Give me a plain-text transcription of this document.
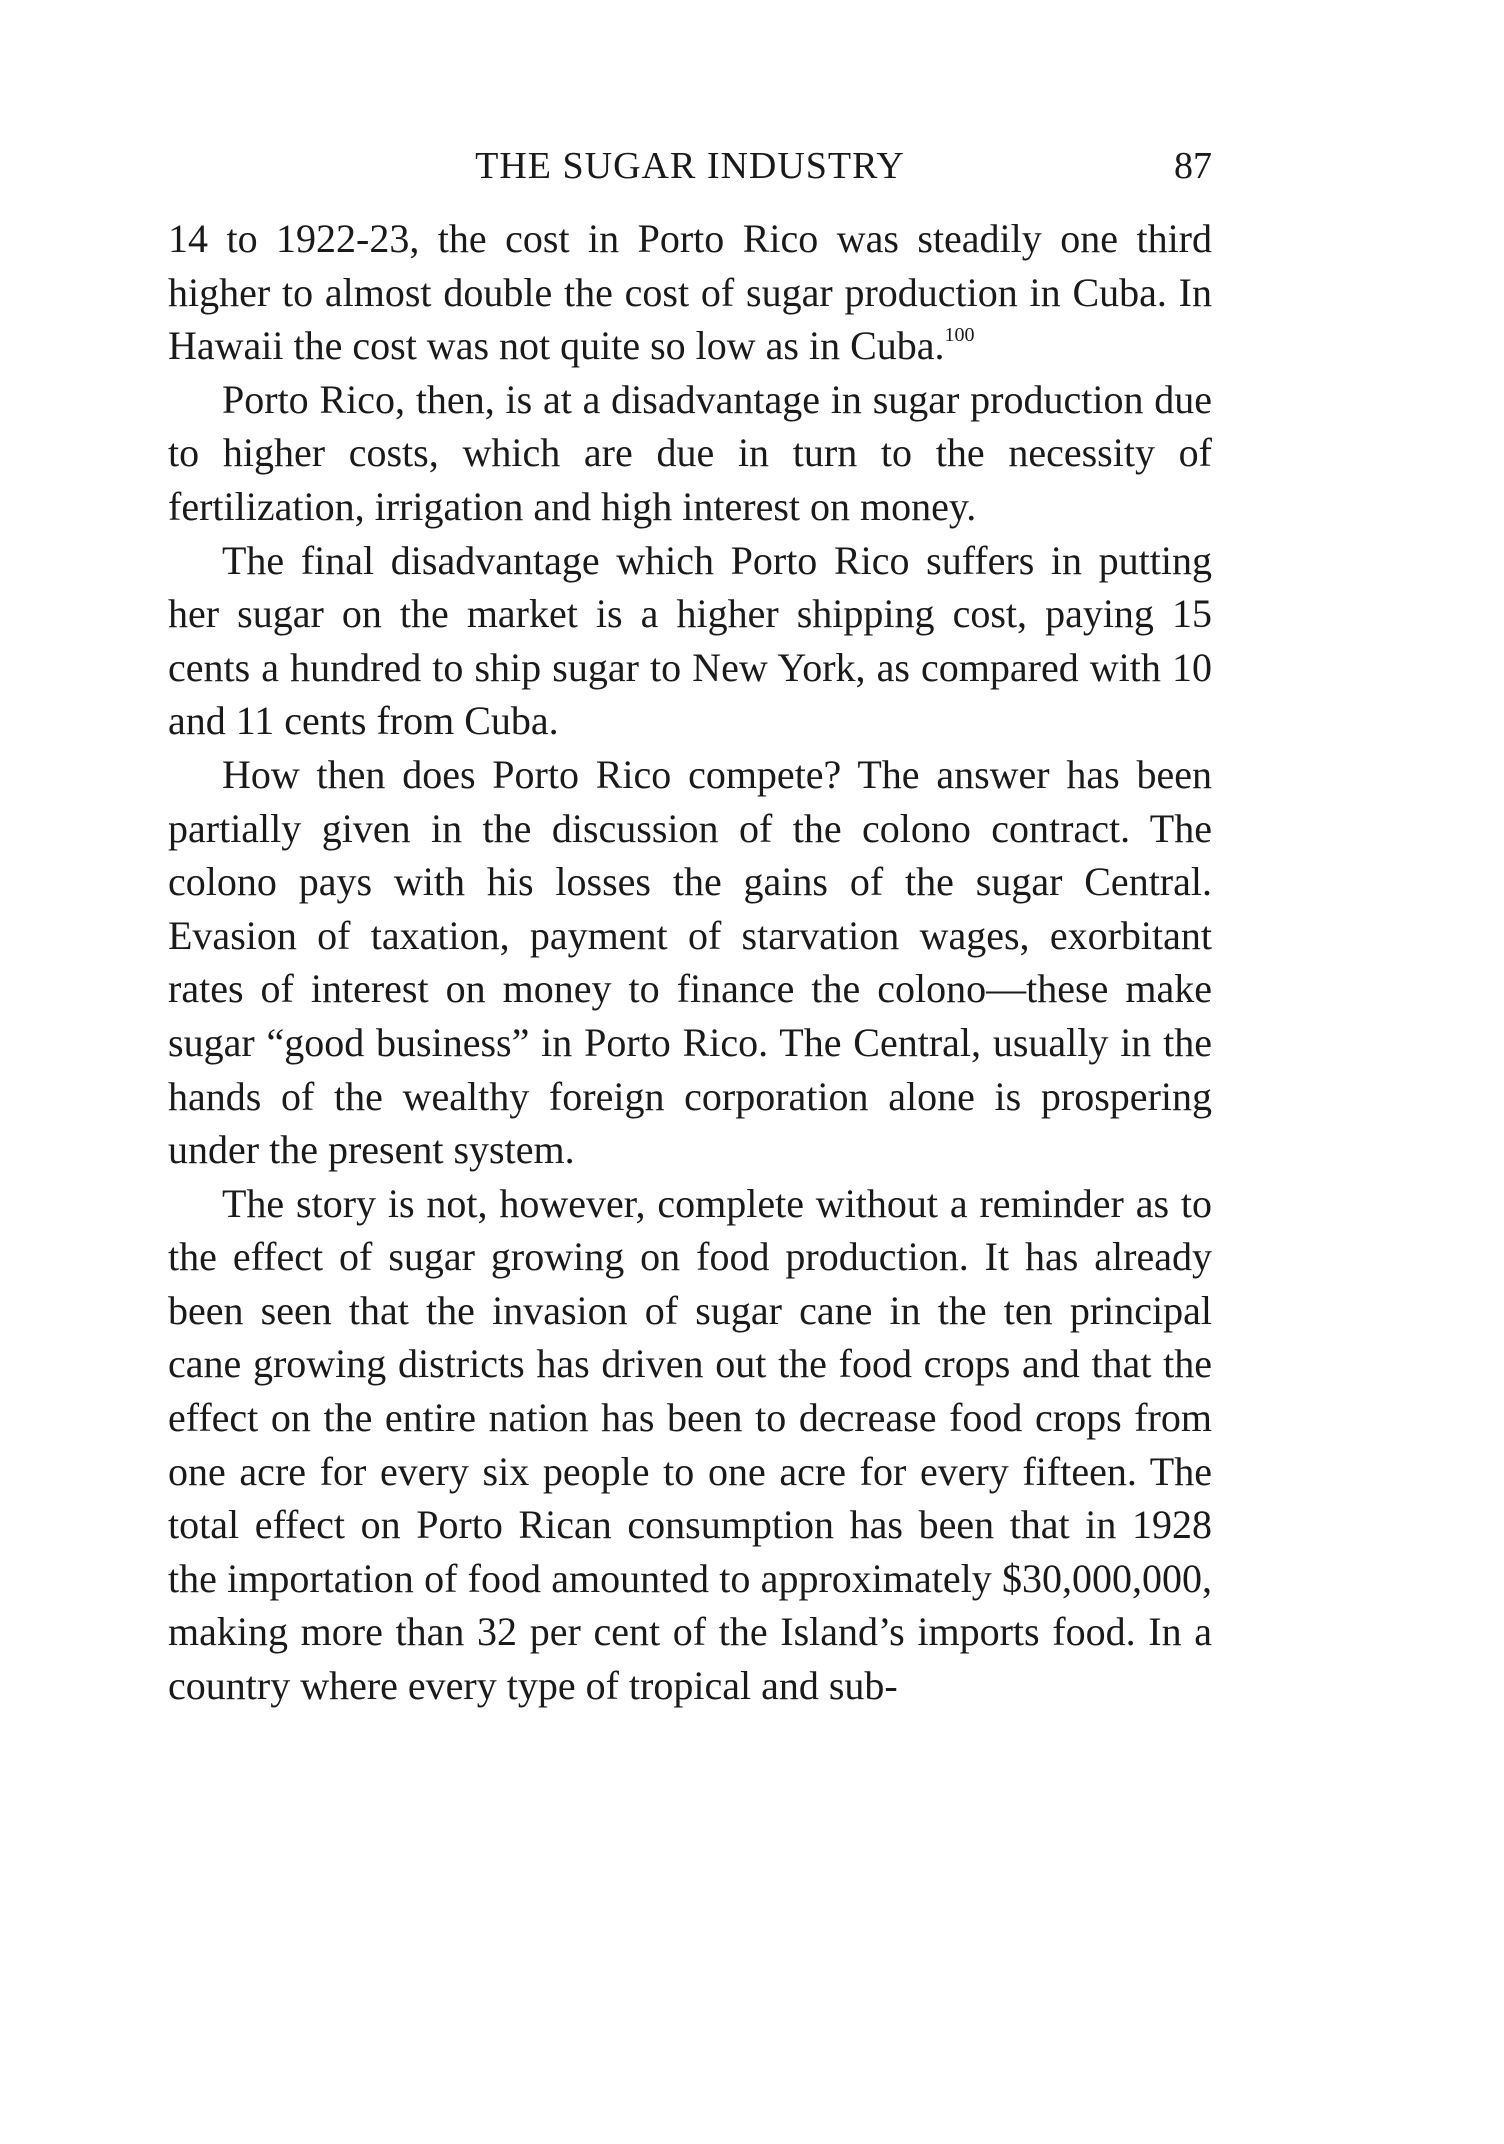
THE SUGAR INDUSTRY	87

14 to 1922-23, the cost in Porto Rico was steadily one third higher to almost double the cost of sugar production in Cuba. In Hawaii the cost was not quite so low as in Cuba.$^{100}$

Porto Rico, then, is at a disadvantage in sugar production due to higher costs, which are due in turn to the necessity of fertilization, irrigation and high interest on money.

The final disadvantage which Porto Rico suffers in putting her sugar on the market is a higher shipping cost, paying 15 cents a hundred to ship sugar to New York, as compared with 10 and 11 cents from Cuba.

How then does Porto Rico compete? The answer has been partially given in the discussion of the colono contract. The colono pays with his losses the gains of the sugar Central. Evasion of taxation, payment of starvation wages, exorbitant rates of interest on money to finance the colono—these make sugar “good business” in Porto Rico. The Central, usually in the hands of the wealthy foreign corporation alone is prospering under the present system.

The story is not, however, complete without a reminder as to the effect of sugar growing on food production. It has already been seen that the invasion of sugar cane in the ten principal cane growing districts has driven out the food crops and that the effect on the entire nation has been to decrease food crops from one acre for every six people to one acre for every fifteen. The total effect on Porto Rican consumption has been that in 1928 the importation of food amounted to approximately $30,000,000, making more than 32 per cent of the Island’s imports food. In a country where every type of tropical and sub-
